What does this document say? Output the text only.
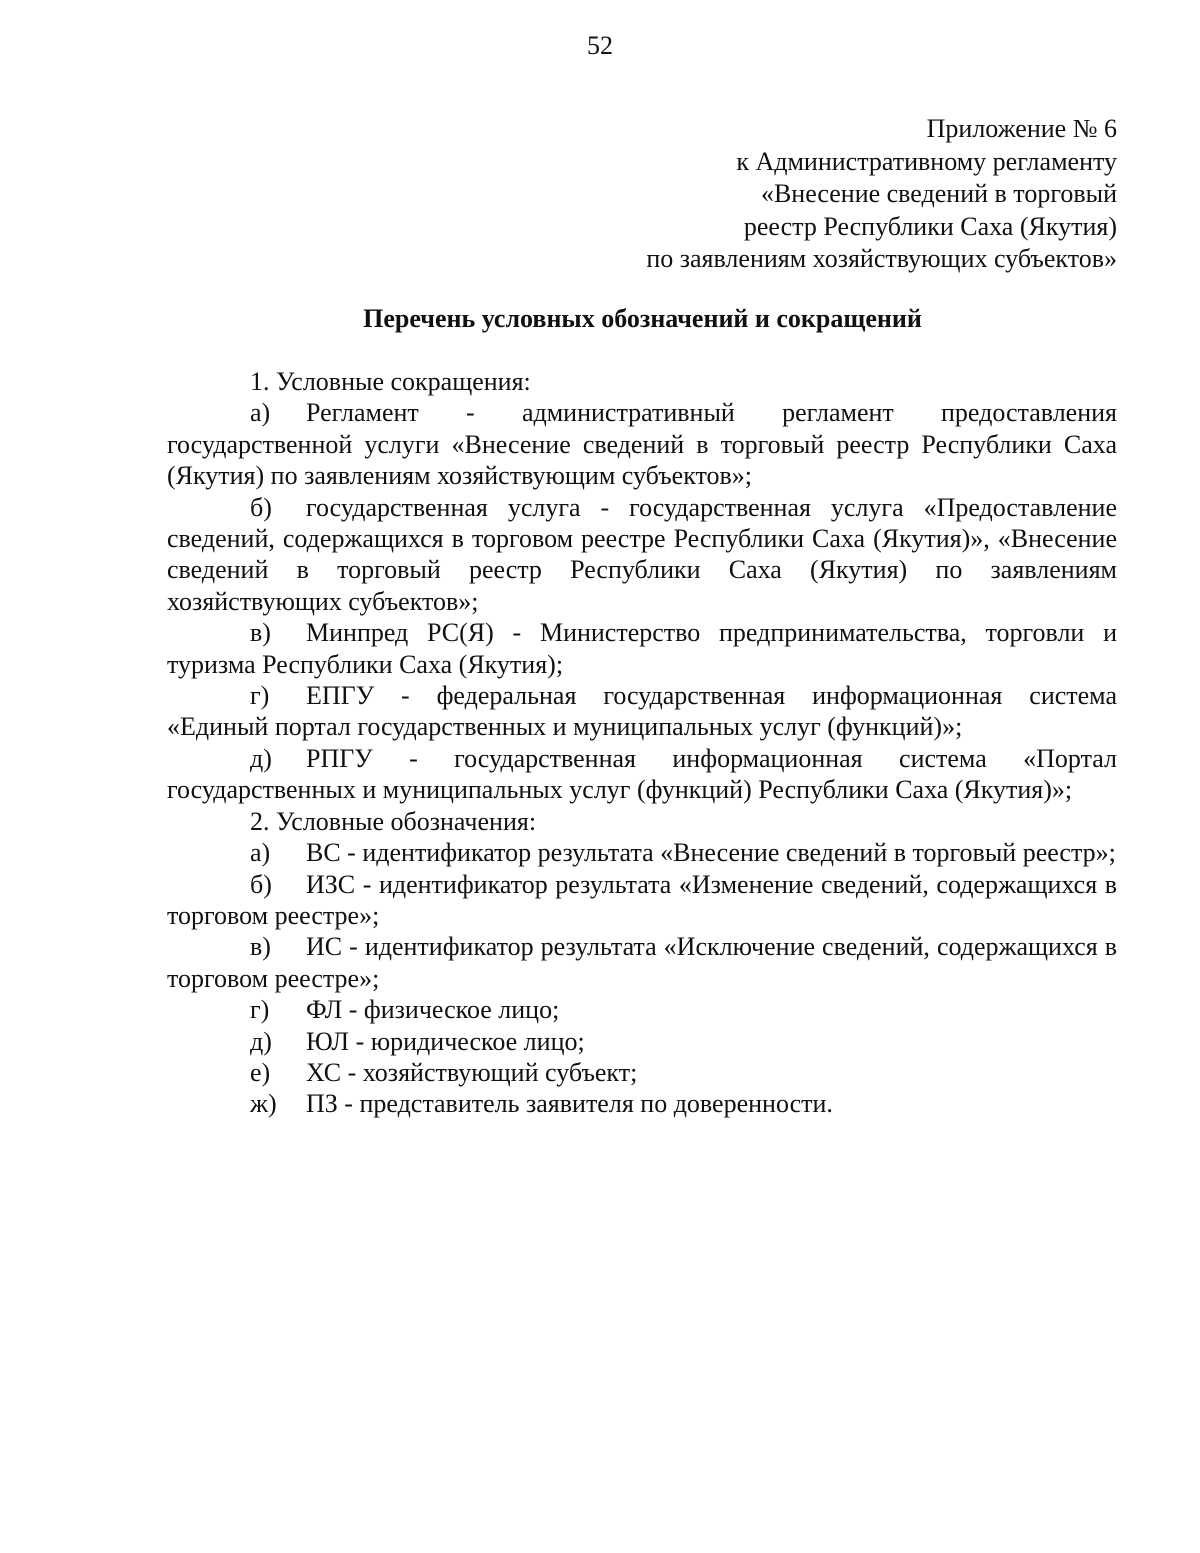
52
Приложение № 6
к Административному регламенту
«Внесение сведений в торговый
реестр Республики Саха (Якутия)
по заявлениям хозяйствующих субъектов»
Перечень условных обозначений и сокращений
1. Условные сокращения:
а) Регламент - административный регламент предоставления государственной услуги «Внесение сведений в торговый реестр Республики Саха (Якутия) по заявлениям хозяйствующим субъектов»;
б) государственная услуга - государственная услуга «Предоставление сведений, содержащихся в торговом реестре Республики Саха (Якутия)», «Внесение сведений в торговый реестр Республики Саха (Якутия) по заявлениям хозяйствующих субъектов»;
в) Минпред РС(Я) - Министерство предпринимательства, торговли и туризма Республики Саха (Якутия);
г) ЕПГУ - федеральная государственная информационная система «Единый портал государственных и муниципальных услуг (функций)»;
д) РПГУ - государственная информационная система «Портал государственных и муниципальных услуг (функций) Республики Саха (Якутия)»;
2. Условные обозначения:
а) ВС - идентификатор результата «Внесение сведений в торговый реестр»;
б) ИЗС - идентификатор результата «Изменение сведений, содержащихся в торговом реестре»;
в) ИС - идентификатор результата «Исключение сведений, содержащихся в торговом реестре»;
г) ФЛ - физическое лицо;
д) ЮЛ - юридическое лицо;
е) ХС - хозяйствующий субъект;
ж) ПЗ - представитель заявителя по доверенности.
